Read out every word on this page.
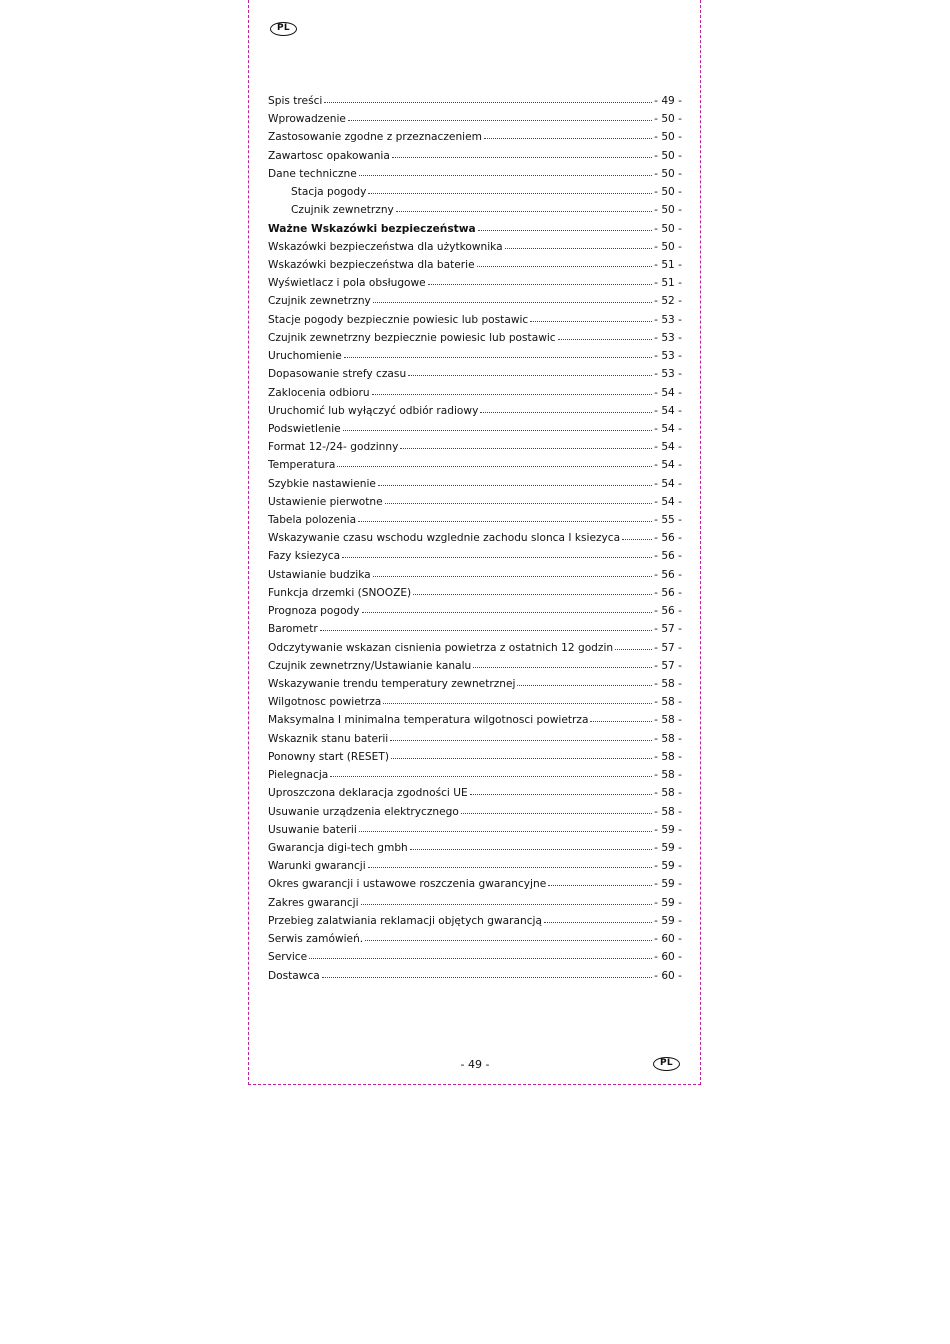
PL
Spis treści	- 49 -
Wprowadzenie	- 50 -
Zastosowanie zgodne z przeznaczeniem	- 50 -
Zawartosc opakowania	- 50 -
Dane techniczne	- 50 -
Stacja pogody	- 50 -
Czujnik zewnetrzny	- 50 -
Ważne Wskazówki bezpieczeństwa	- 50 -
Wskazówki bezpieczeństwa dla użytkownika	- 50 -
Wskazówki bezpieczeństwa dla baterie	- 51 -
Wyświetlacz i pola obsługowe	- 51 -
Czujnik zewnetrzny	- 52 -
Stacje pogody bezpiecznie powiesic lub postawic	- 53 -
Czujnik zewnetrzny bezpiecznie powiesic lub postawic	- 53 -
Uruchomienie	- 53 -
Dopasowanie strefy czasu	- 53 -
Zaklocenia odbioru	- 54 -
Uruchomić lub wyłączyć odbiór radiowy	- 54 -
Podswietlenie	- 54 -
Format 12-/24- godzinny	- 54 -
Temperatura	- 54 -
Szybkie nastawienie	- 54 -
Ustawienie pierwotne	- 54 -
Tabela polozenia	- 55 -
Wskazywanie czasu wschodu wzglednie zachodu slonca I ksiezyca	- 56 -
Fazy ksiezyca	- 56 -
Ustawianie budzika	- 56 -
Funkcja drzemki (SNOOZE)	- 56 -
Prognoza pogody	- 56 -
Barometr	- 57 -
Odczytywanie wskazan cisnienia powietrza z ostatnich 12 godzin	- 57 -
Czujnik zewnetrzny/Ustawianie kanalu	- 57 -
Wskazywanie trendu temperatury zewnetrznej	- 58 -
Wilgotnosc powietrza	- 58 -
Maksymalna I minimalna temperatura wilgotnosci powietrza	- 58 -
Wskaznik stanu baterii	- 58 -
Ponowny start (RESET)	- 58 -
Pielegnacja	- 58 -
Uproszczona deklaracja zgodności UE	- 58 -
Usuwanie urządzenia elektrycznego	- 58 -
Usuwanie baterii	- 59 -
Gwarancja digi-tech gmbh	- 59 -
Warunki gwarancji	- 59 -
Okres gwarancji i ustawowe roszczenia gwarancyjne	- 59 -
Zakres gwarancji	- 59 -
Przebieg zalatwiania reklamacji objętych gwarancją	- 59 -
Serwis zamówień.	- 60 -
Service	- 60 -
Dostawca	- 60 -
- 49 -	PL
